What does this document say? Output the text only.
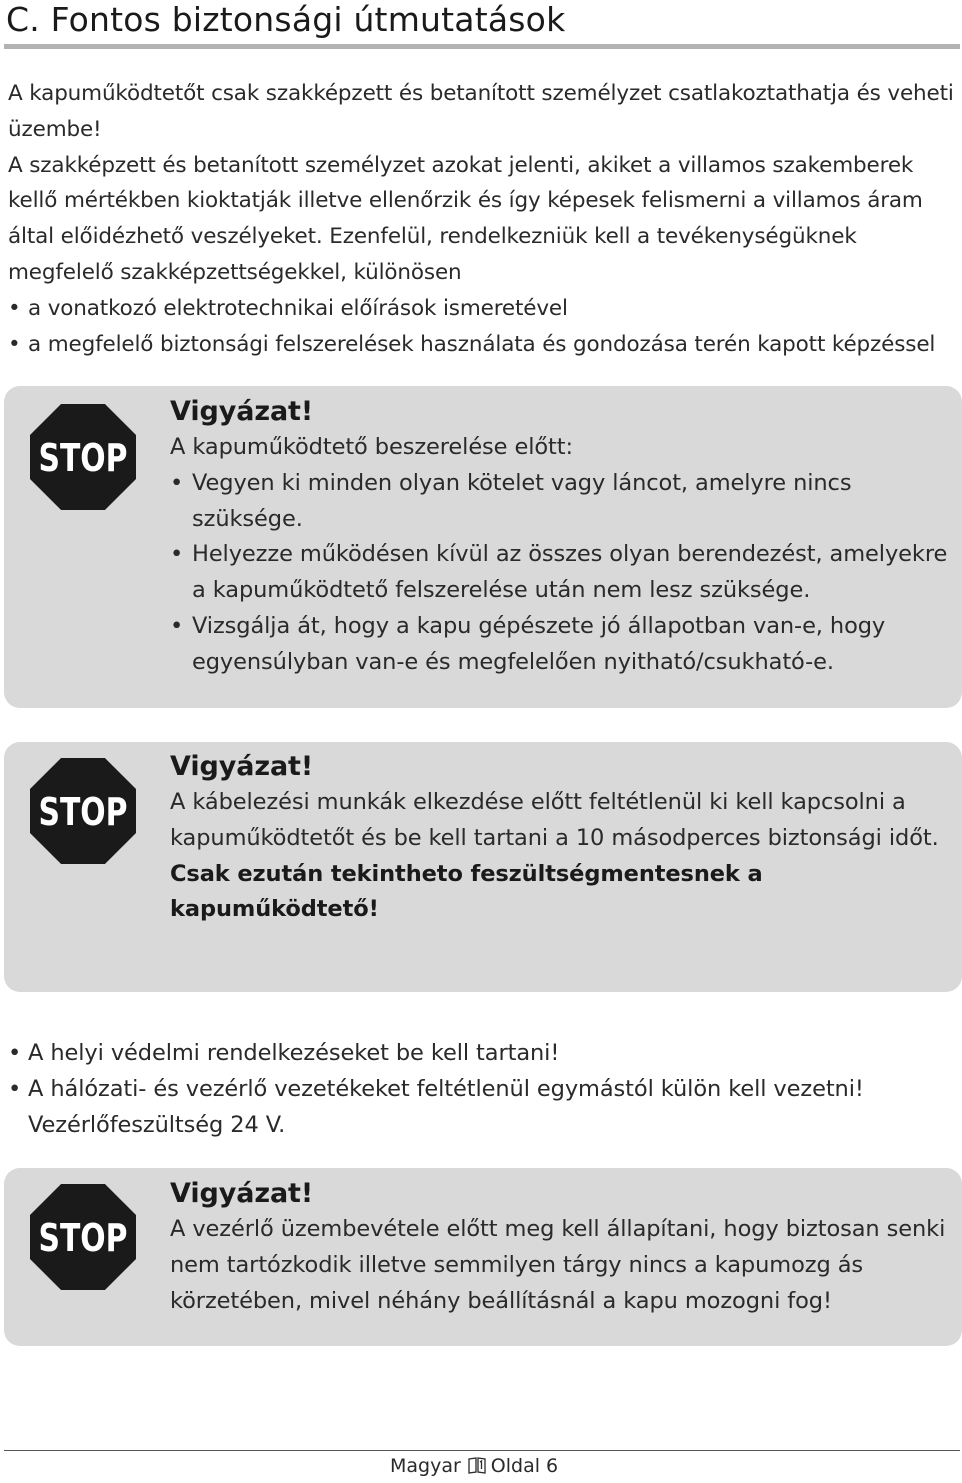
C. Fontos biztonsági útmutatások

A kapuműködtetőt csak szakképzett és betanított személyzet csatlakoztathatja és veheti üzembe!

A szakképzett és betanított személyzet azokat jelenti, akiket a villamos szakemberek kellő mértékben kioktatják illetve ellenőrzik és így képesek felismerni a villamos áram által előidézhető veszélyeket. Ezenfelül, rendelkezniük kell a tevékenységüknek megfelelő szakképzettségekkel, különösen

• a vonatkozó elektrotechnikai előírások ismeretével
• a megfelelő biztonsági felszerelések használata és gondozása terén kapott képzéssel
STOP
Vigyázat!

A kapuműködtető beszerelése előtt:

• Vegyen ki minden olyan kötelet vagy láncot, amelyre nincs szüksége.
• Helyezze működésen kívül az összes olyan berendezést, amelyekre a kapuműködtető felszerelése után nem lesz szüksége.
• Vizsgálja át, hogy a kapu gépészete jó állapotban van-e, hogy egyensúlyban van-e és megfelelően nyitható/csukható-e.
STOP
Vigyázat!

A kábelezési munkák elkezdése előtt feltétlenül ki kell kapcsolni a kapuműködtetőt és be kell tartani a 10 másodperces biztonsági időt.

Csak ezután tekintheto feszültségmentesnek a kapuműködtető!

• A helyi védelmi rendelkezéseket be kell tartani!
• A hálózati- és vezérlő vezetékeket feltétlenül egymástól külön kell vezetni! Vezérlőfeszültség 24 V.
STOP
Vigyázat!

A vezérlő üzembevétele előtt meg kell állapítani, hogy biztosan senki nem tartózkodik illetve semmilyen tárgy nincs a kapumozg ás körzetében, mivel néhány beállításnál a kapu mozogni fog!

Magyar Oldal 6
